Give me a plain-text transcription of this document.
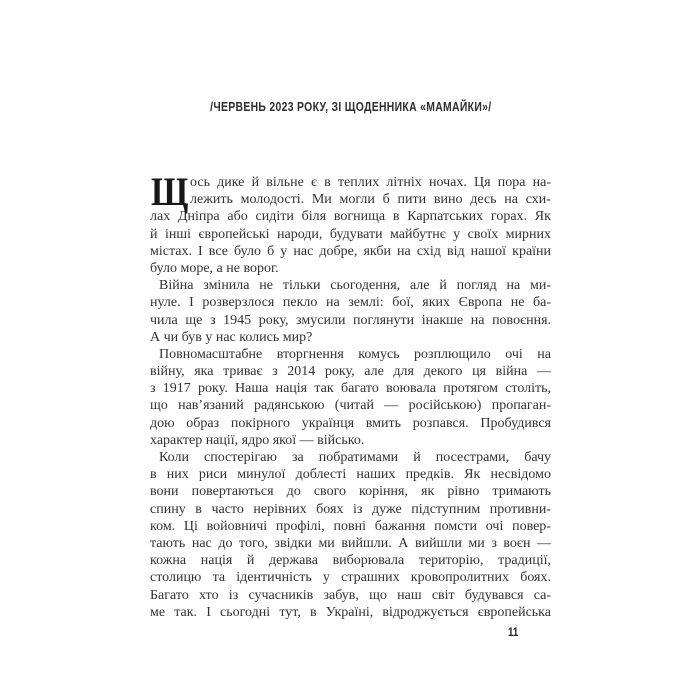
/ЧЕРВЕНЬ 2023 РОКУ, ЗІ ЩОДЕННИКА «МАМАЙКИ»/
Щ ось дике й вільне є в теплих літніх ночах. Ця пора на-
лежить молодості. Ми могли б пити вино десь на схи-
лах Дніпра або сидіти біля вогнища в Карпатських горах. Як
й інші європейські народи, будувати майбутнє у своїх мирних
містах. І все було б у нас добре, якби на схід від нашої країни
було море, а не ворог.
Війна змінила не тільки сьогодення, але й погляд на ми-
нуле. І розверзлося пекло на землі: бої, яких Європа не ба-
чила ще з 1945 року, змусили поглянути інакше на повоєння.
А чи був у нас колись мир?
Повномасштабне вторгнення комусь розплющило очі на
війну, яка триває з 2014 року, але для декого ця війна —
з 1917 року. Наша нація так багато воювала протягом століть,
що нав’язаний радянською (читай — російською) пропаган-
дою образ покірного українця вмить розпався. Пробудився
характер нації, ядро якої — військо.
Коли спостерігаю за побратимами й посестрами, бачу
в них риси минулої доблесті наших предків. Як несвідомо
вони повертаються до свого коріння, як рівно тримають
спину в часто нерівних боях із дуже підступним противни-
ком. Ці войовничі профілі, повні бажання помсти очі повер-
тають нас до того, звідки ми вийшли. А вийшли ми з воєн —
кожна нація й держава виборювала територію, традиції,
столицю та ідентичність у страшних кровопролитних боях.
Багато хто із сучасників забув, що наш світ будувався са-
ме так. І сьогодні тут, в Україні, відроджується європейська
11
